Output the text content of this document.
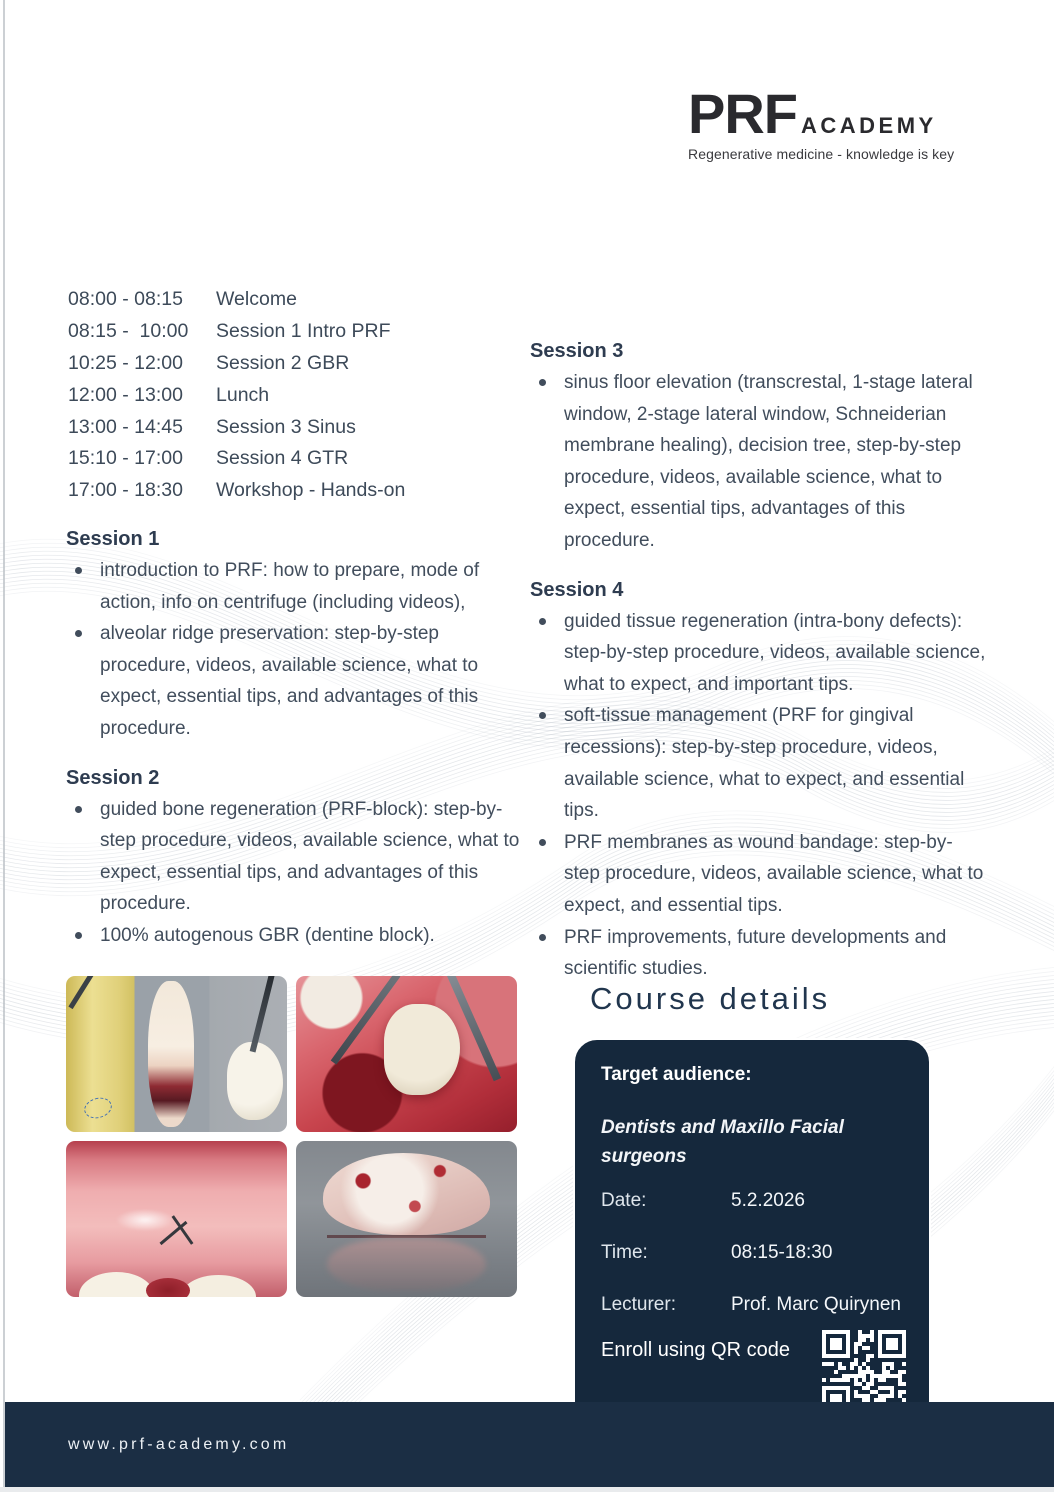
PRF ACADEMY
Regenerative medicine - knowledge is key
08:00 - 08:15	Welcome
08:15 -  10:00	Session 1 Intro PRF
10:25 - 12:00	Session 2 GBR
12:00 - 13:00	Lunch
13:00 - 14:45	Session 3 Sinus
15:10 - 17:00	Session 4 GTR
17:00 - 18:30	Workshop - Hands-on
Session 1
introduction to PRF: how to prepare, mode of action, info on centrifuge (including videos),
alveolar ridge preservation: step-by-step procedure, videos, available science, what to expect, essential tips, and advantages of this procedure.
Session 2
guided bone regeneration (PRF-block): step-by-step procedure, videos, available science, what to expect, essential tips, and advantages of this procedure.
100% autogenous GBR (dentine block).
Session 3
sinus floor elevation (transcrestal, 1-stage lateral window, 2-stage lateral window, Schneiderian membrane healing), decision tree, step-by-step procedure, videos, available science, what to expect, essential tips, advantages of this procedure.
Session 4
guided tissue regeneration (intra-bony defects): step-by-step procedure, videos, available science, what to expect, and important tips.
soft-tissue management (PRF for gingival recessions): step-by-step procedure, videos, available science, what to expect, and essential tips.
PRF membranes as wound bandage: step-by-step procedure, videos, available science, what to expect, and essential tips.
PRF improvements, future developments and scientific studies.
Course details
Target audience:
Dentists and Maxillo Facial surgeons
Date:	5.2.2026
Time:	08:15-18:30
Lecturer:	Prof. Marc Quirynen
Enroll using QR code
www.prf-academy.com
